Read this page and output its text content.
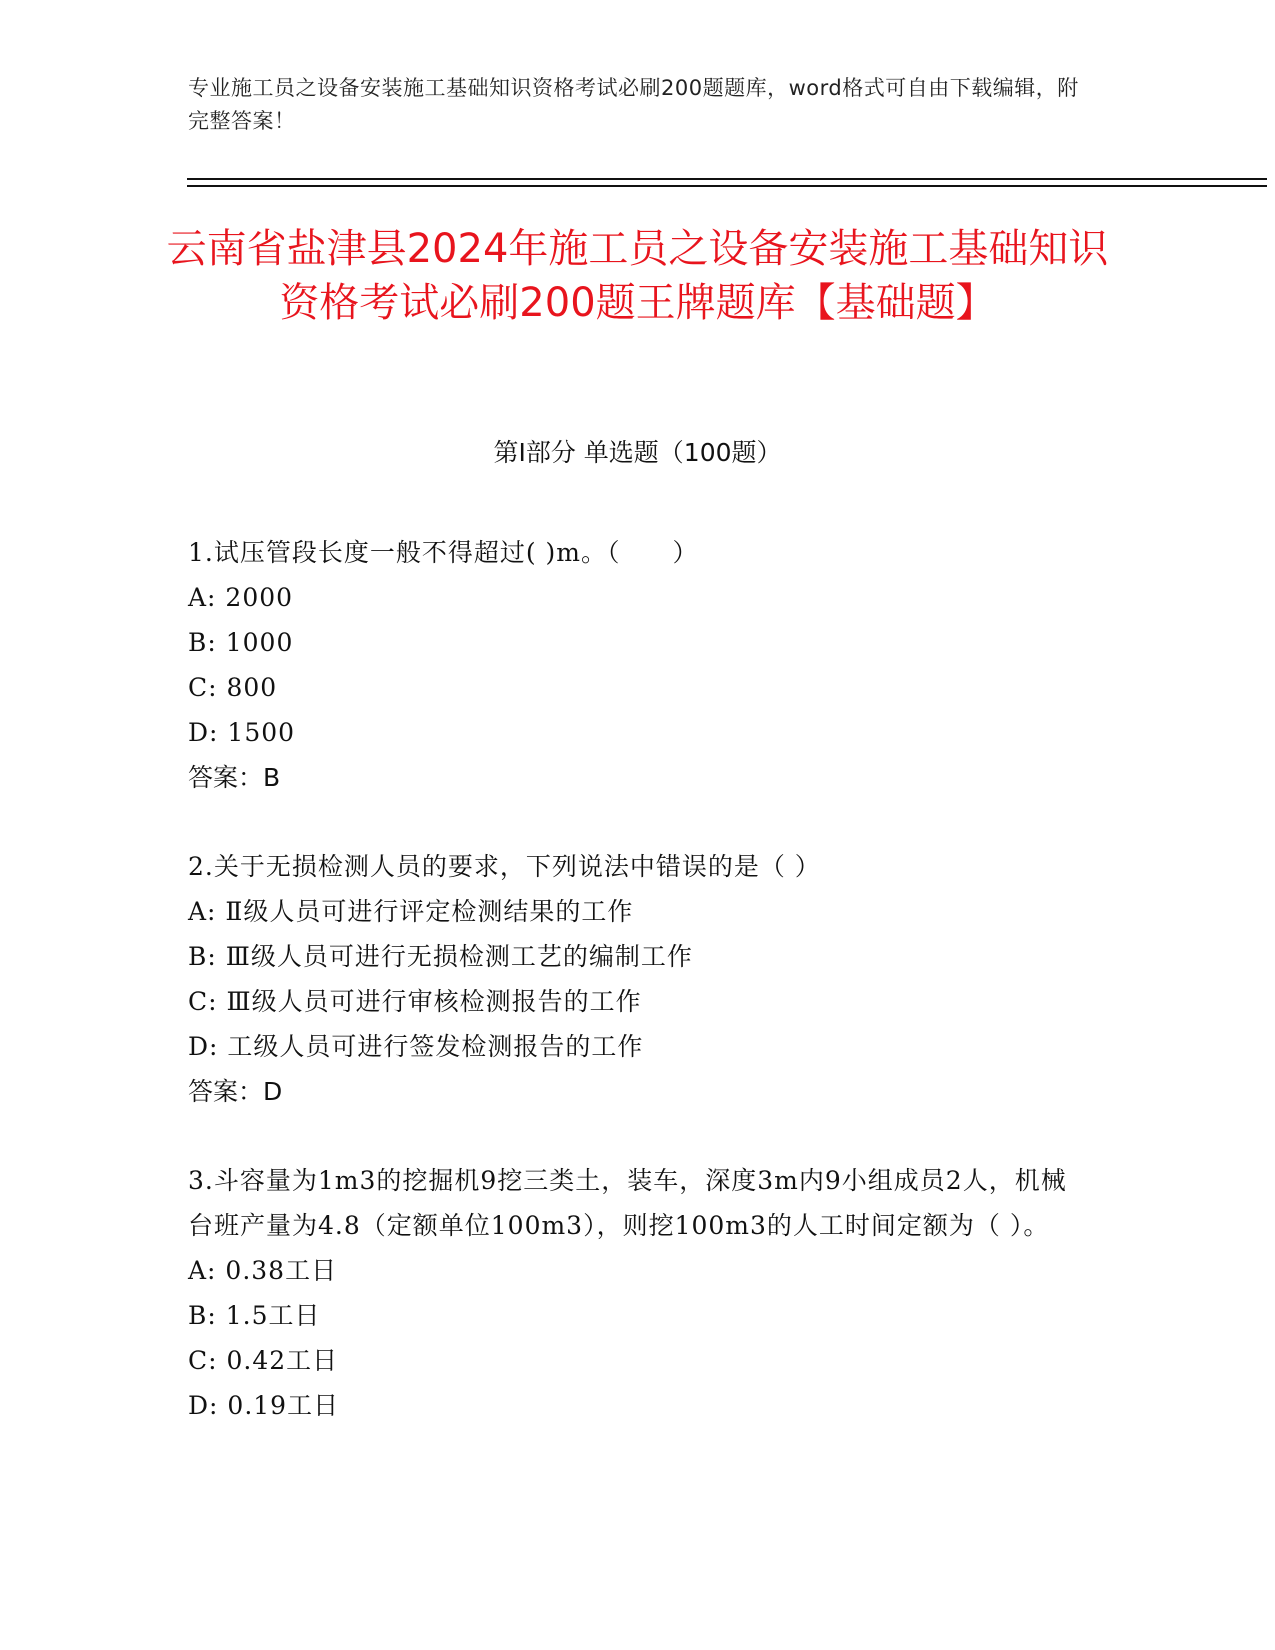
专业施工员之设备安装施工基础知识资格考试必刷200题题库，word格式可自由下载编辑，附完整答案！
云南省盐津县2024年施工员之设备安装施工基础知识资格考试必刷200题王牌题库【基础题】
第Ⅰ部分 单选题（100题）

1.试压管段长度一般不得超过( )m。（　　）

A: 2000

B: 1000

C: 800

D: 1500

答案：B

2.关于无损检测人员的要求，下列说法中错误的是（ ）

A: Ⅱ级人员可进行评定检测结果的工作

B: Ⅲ级人员可进行无损检测工艺的编制工作

C: Ⅲ级人员可进行审核检测报告的工作

D: 工级人员可进行签发检测报告的工作

答案：D

3.斗容量为1m3的挖掘机9挖三类土，装车，深度3m内9小组成员2人，机械台班产量为4.8（定额单位100m3），则挖100m3的人工时间定额为（ ）。

A: 0.38工日

B: 1.5工日

C: 0.42工日

D: 0.19工日
